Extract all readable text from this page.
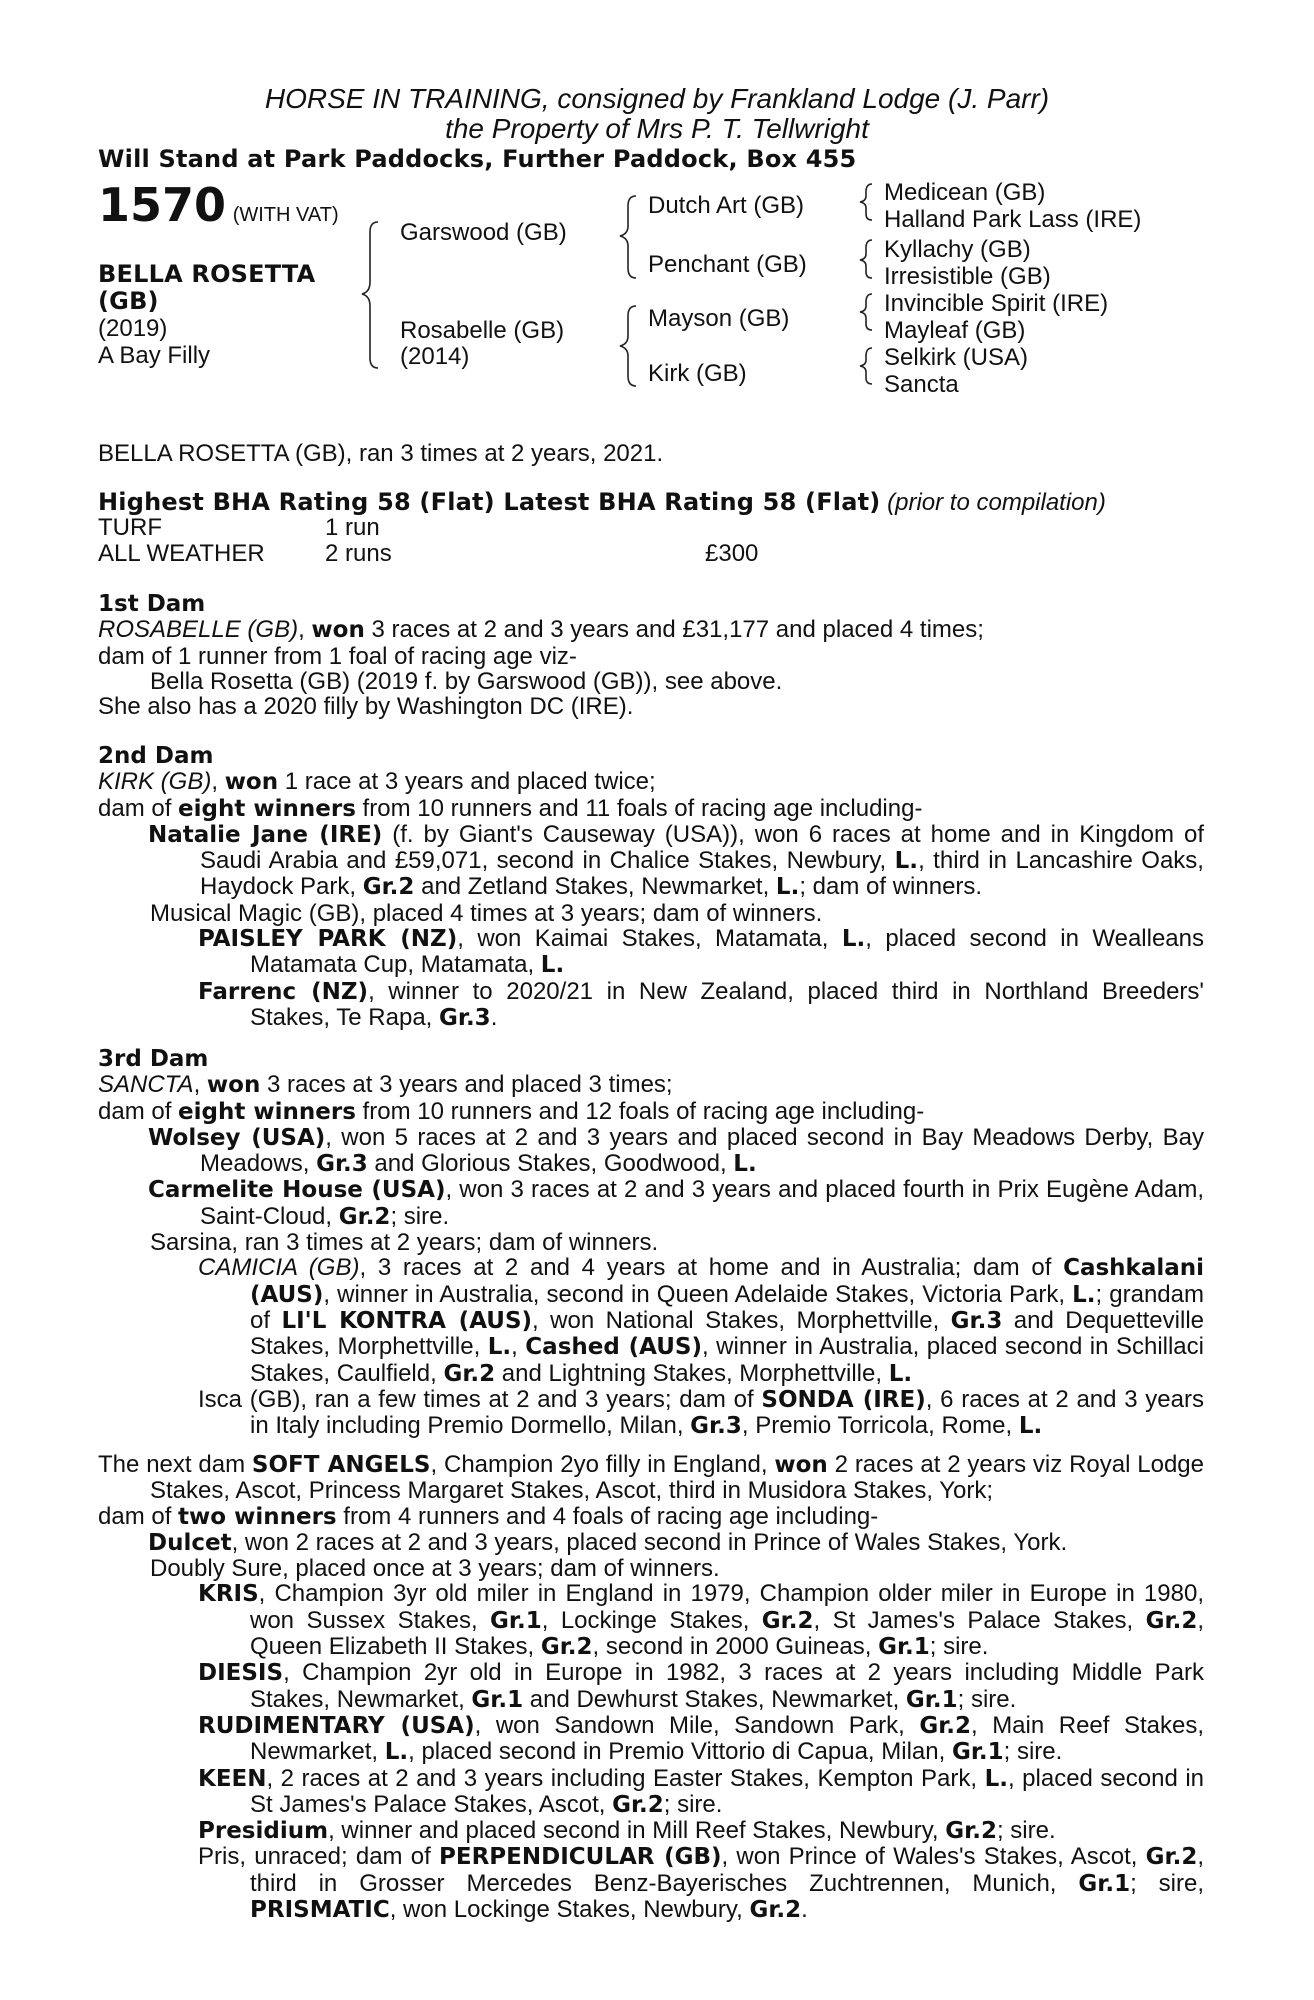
HORSE IN TRAINING, consigned by Frankland Lodge (J. Parr)
the Property of Mrs P. T. Tellwright
Will Stand at Park Paddocks, Further Paddock, Box 455
1570 (WITH VAT)
BELLA ROSETTA
(GB)
(2019)
A Bay Filly
Garswood (GB)
Rosabelle (GB)
(2014)
Dutch Art (GB)
Penchant (GB)
Mayson (GB)
Kirk (GB)
Medicean (GB)
Halland Park Lass (IRE)
Kyllachy (GB)
Irresistible (GB)
Invincible Spirit (IRE)
Mayleaf (GB)
Selkirk (USA)
Sancta
BELLA ROSETTA (GB), ran 3 times at 2 years, 2021.
Highest BHA Rating 58 (Flat) Latest BHA Rating 58 (Flat) (prior to compilation)
TURF	1 run
ALL WEATHER	2 runs	£300

1st Dam

ROSABELLE (GB), won 3 races at 2 and 3 years and £31,177 and placed 4 times;

dam of 1 runner from 1 foal of racing age viz-

Bella Rosetta (GB) (2019 f. by Garswood (GB)), see above.

She also has a 2020 filly by Washington DC (IRE).

2nd Dam

KIRK (GB), won 1 race at 3 years and placed twice;

dam of eight winners from 10 runners and 11 foals of racing age including-

Natalie Jane (IRE) (f. by Giant's Causeway (USA)), won 6 races at home and in Kingdom of Saudi Arabia and £59,071, second in Chalice Stakes, Newbury, L., third in Lancashire Oaks, Haydock Park, Gr.2 and Zetland Stakes, Newmarket, L.; dam of winners.

Musical Magic (GB), placed 4 times at 3 years; dam of winners.

PAISLEY PARK (NZ), won Kaimai Stakes, Matamata, L., placed second in Wealleans Matamata Cup, Matamata, L.

Farrenc (NZ), winner to 2020/21 in New Zealand, placed third in Northland Breeders' Stakes, Te Rapa, Gr.3.

3rd Dam

SANCTA, won 3 races at 3 years and placed 3 times;

dam of eight winners from 10 runners and 12 foals of racing age including-

Wolsey (USA), won 5 races at 2 and 3 years and placed second in Bay Meadows Derby, Bay Meadows, Gr.3 and Glorious Stakes, Goodwood, L.

Carmelite House (USA), won 3 races at 2 and 3 years and placed fourth in Prix Eugène Adam, Saint-Cloud, Gr.2; sire.

Sarsina, ran 3 times at 2 years; dam of winners.

CAMICIA (GB), 3 races at 2 and 4 years at home and in Australia; dam of Cashkalani (AUS), winner in Australia, second in Queen Adelaide Stakes, Victoria Park, L.; grandam of LI'L KONTRA (AUS), won National Stakes, Morphettville, Gr.3 and Dequetteville Stakes, Morphettville, L., Cashed (AUS), winner in Australia, placed second in Schillaci Stakes, Caulfield, Gr.2 and Lightning Stakes, Morphettville, L.

Isca (GB), ran a few times at 2 and 3 years; dam of SONDA (IRE), 6 races at 2 and 3 years in Italy including Premio Dormello, Milan, Gr.3, Premio Torricola, Rome, L.

The next dam SOFT ANGELS, Champion 2yo filly in England, won 2 races at 2 years viz Royal Lodge Stakes, Ascot, Princess Margaret Stakes, Ascot, third in Musidora Stakes, York;

dam of two winners from 4 runners and 4 foals of racing age including-

Dulcet, won 2 races at 2 and 3 years, placed second in Prince of Wales Stakes, York.

Doubly Sure, placed once at 3 years; dam of winners.

KRIS, Champion 3yr old miler in England in 1979, Champion older miler in Europe in 1980, won Sussex Stakes, Gr.1, Lockinge Stakes, Gr.2, St James's Palace Stakes, Gr.2, Queen Elizabeth II Stakes, Gr.2, second in 2000 Guineas, Gr.1; sire.

DIESIS, Champion 2yr old in Europe in 1982, 3 races at 2 years including Middle Park Stakes, Newmarket, Gr.1 and Dewhurst Stakes, Newmarket, Gr.1; sire.

RUDIMENTARY (USA), won Sandown Mile, Sandown Park, Gr.2, Main Reef Stakes, Newmarket, L., placed second in Premio Vittorio di Capua, Milan, Gr.1; sire.

KEEN, 2 races at 2 and 3 years including Easter Stakes, Kempton Park, L., placed second in St James's Palace Stakes, Ascot, Gr.2; sire.

Presidium, winner and placed second in Mill Reef Stakes, Newbury, Gr.2; sire.

Pris, unraced; dam of PERPENDICULAR (GB), won Prince of Wales's Stakes, Ascot, Gr.2, third in Grosser Mercedes Benz-Bayerisches Zuchtrennen, Munich, Gr.1; sire, PRISMATIC, won Lockinge Stakes, Newbury, Gr.2.
